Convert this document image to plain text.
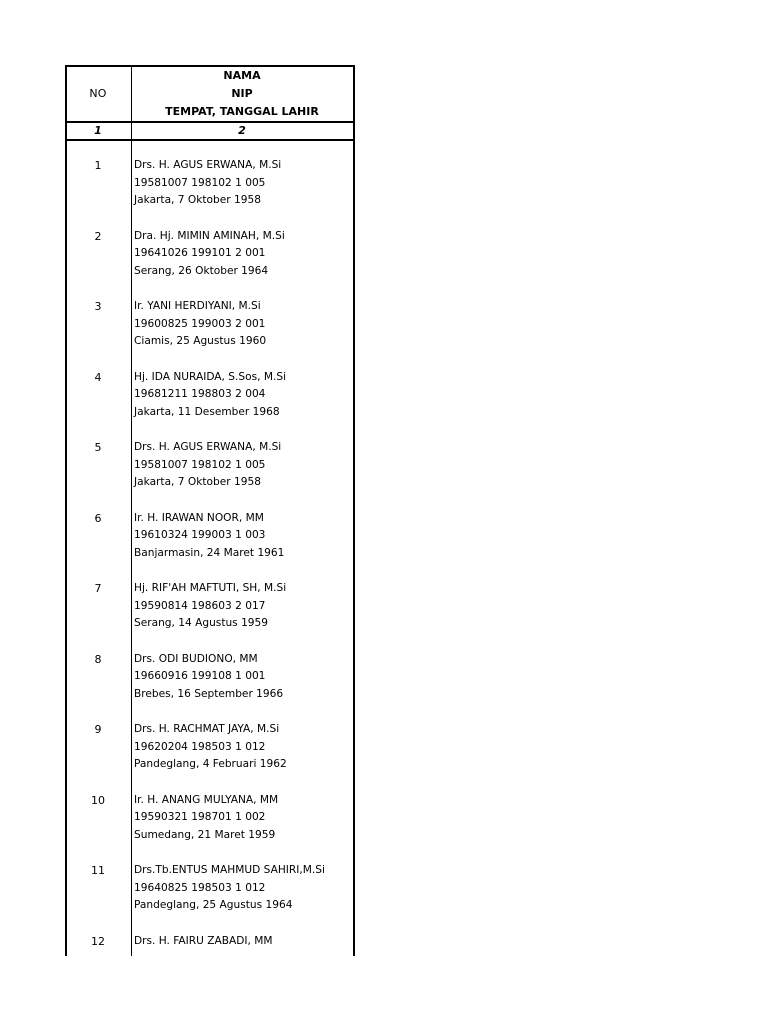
NO
NAMA
NIP
TEMPAT, TANGGAL LAHIR
1	2
1	Drs. H. AGUS ERWANA, M.Si
19581007 198102 1 005
Jakarta, 7 Oktober 1958
2	Dra. Hj. MIMIN AMINAH, M.Si
19641026 199101 2 001
Serang, 26 Oktober 1964
3	Ir. YANI HERDIYANI, M.Si
19600825 199003 2 001
Ciamis, 25 Agustus 1960
4	Hj. IDA NURAIDA, S.Sos, M.Si
19681211 198803 2 004
Jakarta, 11 Desember 1968
5	Drs. H. AGUS ERWANA, M.Si
19581007 198102 1 005
Jakarta, 7 Oktober 1958
6	Ir. H. IRAWAN NOOR, MM
19610324 199003 1 003
Banjarmasin, 24 Maret 1961
7	Hj. RIF'AH MAFTUTI, SH, M.Si
19590814 198603 2 017
Serang, 14 Agustus 1959
8	Drs. ODI BUDIONO, MM
19660916 199108 1 001
Brebes, 16 September 1966
9	Drs. H. RACHMAT JAYA, M.Si
19620204 198503 1 012
Pandeglang, 4 Februari 1962
10	Ir. H. ANANG MULYANA, MM
19590321 198701 1 002
Sumedang, 21 Maret 1959
11	Drs.Tb.ENTUS MAHMUD SAHIRI,M.Si
19640825 198503 1 012
Pandeglang, 25 Agustus 1964
12	Drs. H. FAIRU ZABADI, MM
